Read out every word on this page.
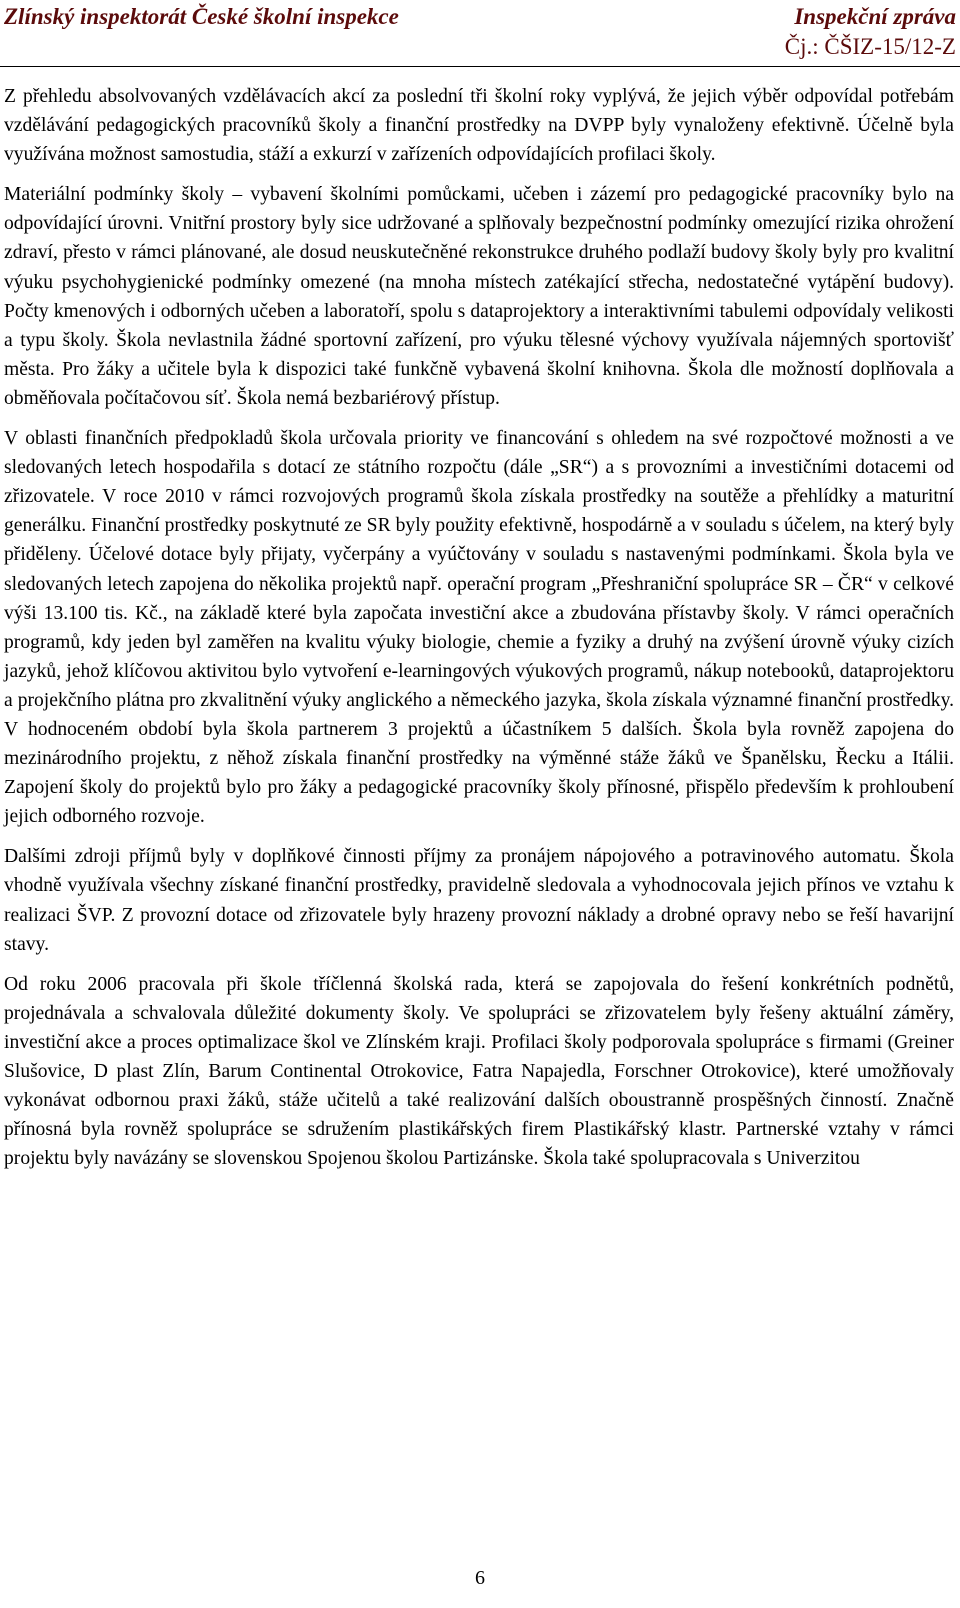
Zlínský inspektorát České školní inspekce	Inspekční zpráva
Čj.: ČŠIZ-15/12-Z

Z přehledu absolvovaných vzdělávacích akcí za poslední tři školní roky vyplývá, že jejich výběr odpovídal potřebám vzdělávání pedagogických pracovníků školy a finanční prostředky na DVPP byly vynaloženy efektivně. Účelně byla využívána možnost samostudia, stáží a exkurzí v zařízeních odpovídajících profilaci školy.

Materiální podmínky školy – vybavení školními pomůckami, učeben i zázemí pro pedagogické pracovníky bylo na odpovídající úrovni. Vnitřní prostory byly sice udržované a splňovaly bezpečnostní podmínky omezující rizika ohrožení zdraví, přesto v rámci plánované, ale dosud neuskutečněné rekonstrukce druhého podlaží budovy školy byly pro kvalitní výuku psychohygienické podmínky omezené (na mnoha místech zatékající střecha, nedostatečné vytápění budovy). Počty kmenových i odborných učeben a laboratoří, spolu s dataprojektory a interaktivními tabulemi odpovídaly velikosti a typu školy. Škola nevlastnila žádné sportovní zařízení, pro výuku tělesné výchovy využívala nájemných sportovišť města. Pro žáky a učitele byla k dispozici také funkčně vybavená školní knihovna. Škola dle možností doplňovala a obměňovala počítačovou síť. Škola nemá bezbariérový přístup.

V oblasti finančních předpokladů škola určovala priority ve financování s ohledem na své rozpočtové možnosti a ve sledovaných letech hospodařila s dotací ze státního rozpočtu (dále „SR“) a s provozními a investičními dotacemi od zřizovatele. V roce 2010 v rámci rozvojových programů škola získala prostředky na soutěže a přehlídky a maturitní generálku. Finanční prostředky poskytnuté ze SR byly použity efektivně, hospodárně a v souladu s účelem, na který byly přiděleny. Účelové dotace byly přijaty, vyčerpány a vyúčtovány v souladu s nastavenými podmínkami. Škola byla ve sledovaných letech zapojena do několika projektů např. operační program „Přeshraniční spolupráce SR – ČR“ v celkové výši 13.100 tis. Kč., na základě které byla započata investiční akce a zbudována přístavby školy. V rámci operačních programů, kdy jeden byl zaměřen na kvalitu výuky biologie, chemie a fyziky a druhý na zvýšení úrovně výuky cizích jazyků, jehož klíčovou aktivitou bylo vytvoření e-learningových výukových programů, nákup notebooků, dataprojektoru a projekčního plátna pro zkvalitnění výuky anglického a německého jazyka, škola získala významné finanční prostředky. V hodnoceném období byla škola partnerem 3 projektů a účastníkem 5 dalších. Škola byla rovněž zapojena do mezinárodního projektu, z něhož získala finanční prostředky na výměnné stáže žáků ve Španělsku, Řecku a Itálii. Zapojení školy do projektů bylo pro žáky a pedagogické pracovníky školy přínosné, přispělo především k prohloubení jejich odborného rozvoje.

Dalšími zdroji příjmů byly v doplňkové činnosti příjmy za pronájem nápojového a potravinového automatu. Škola vhodně využívala všechny získané finanční prostředky, pravidelně sledovala a vyhodnocovala jejich přínos ve vztahu k realizaci ŠVP. Z provozní dotace od zřizovatele byly hrazeny provozní náklady a drobné opravy nebo se řeší havarijní stavy.

Od roku 2006 pracovala při škole tříčlenná školská rada, která se zapojovala do řešení konkrétních podnětů, projednávala a schvalovala důležité dokumenty školy. Ve spolupráci se zřizovatelem byly řešeny aktuální záměry, investiční akce a proces optimalizace škol ve Zlínském kraji. Profilaci školy podporovala spolupráce s firmami (Greiner Slušovice, D plast Zlín, Barum Continental Otrokovice, Fatra Napajedla, Forschner Otrokovice), které umožňovaly vykonávat odbornou praxi žáků, stáže učitelů a také realizování dalších oboustranně prospěšných činností. Značně přínosná byla rovněž spolupráce se sdružením plastikářských firem Plastikářský klastr. Partnerské vztahy v rámci projektu byly navázány se slovenskou Spojenou školou Partizánske. Škola také spolupracovala s Univerzitou

6
